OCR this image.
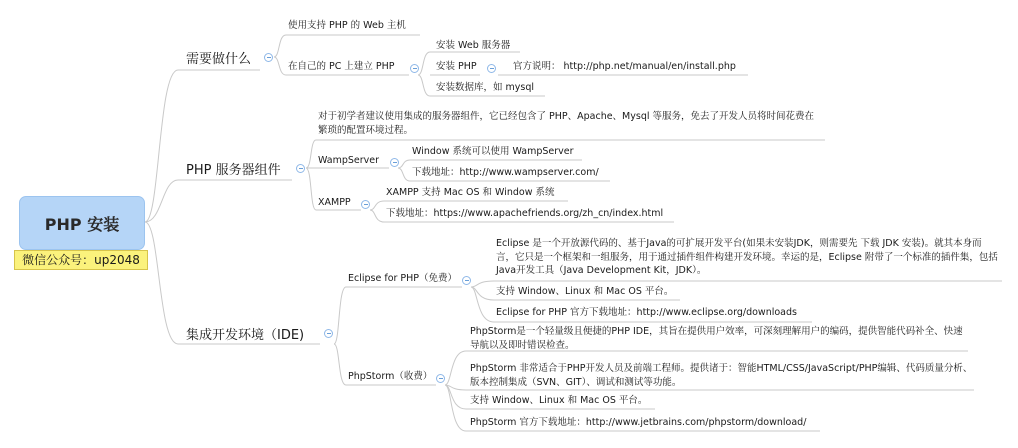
PHP 安装
微信公众号：up2048
需要做什么
PHP 服务器组件
集成开发环境（IDE)
使用支持 PHP 的 Web 主机
在自己的 PC 上建立 PHP
安装 Web 服务器
安装 PHP	官方说明： http://php.net/manual/en/install.php
安装数据库，如 mysql
对于初学者建议使用集成的服务器组件，它已经包含了 PHP、Apache、Mysql 等服务，免去了开发人员将时间花费在繁琐的配置环境过程。
WampServer
Window 系统可以使用 WampServer
下载地址：http://www.wampserver.com/
XAMPP
XAMPP 支持 Mac OS 和 Window 系统
下载地址：https://www.apachefriends.org/zh_cn/index.html
Eclipse for PHP（免费）
Eclipse 是一个开放源代码的、基于Java的可扩展开发平台(如果未安装JDK，则需要先 下载 JDK 安装)。就其本身而言，它只是一个框架和一组服务，用于通过插件组件构建开发环境。幸运的是，Eclipse 附带了一个标准的插件集，包括Java开发工具（Java Development Kit，JDK）。
支持 Window、Linux 和 Mac OS 平台。
Eclipse for PHP 官方下载地址：http://www.eclipse.org/downloads
PhpStorm（收费）
PhpStorm是一个轻量级且便捷的PHP IDE，其旨在提供用户效率，可深刻理解用户的编码，提供智能代码补全、快速导航以及即时错误检查。
PhpStorm 非常适合于PHP开发人员及前端工程师。提供诸于：智能HTML/CSS/JavaScript/PHP编辑、代码质量分析、版本控制集成（SVN、GIT）、调试和测试等功能。
支持 Window、Linux 和 Mac OS 平台。
PhpStorm 官方下载地址：http://www.jetbrains.com/phpstorm/download/
